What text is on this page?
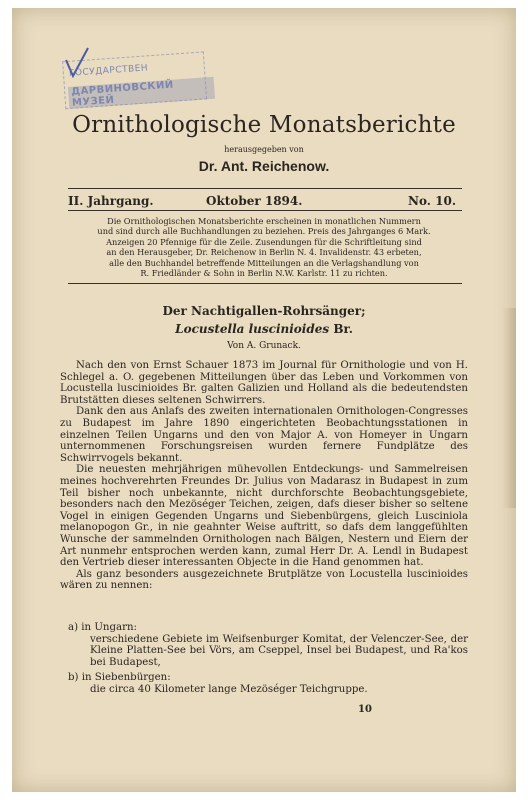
ГОСУДАРСТВЕН
ДАРВИНОВСКИЙ МУЗЕЙ
Ornithologische Monatsberichte
herausgegeben von
Dr. Ant. Reichenow.
II. Jahrgang.	Oktober 1894.	No. 10.
Die Ornithologischen Monatsberichte erscheinen in monatlichen Nummern
und sind durch alle Buchhandlungen zu beziehen. Preis des Jahrganges 6 Mark.
Anzeigen 20 Pfennige für die Zeile. Zusendungen für die Schriftleitung sind
an den Herausgeber, Dr. Reichenow in Berlin N. 4. Invalidenstr. 43 erbeten,
alle den Buchhandel betreffende Mitteilungen an die Verlagshandlung von
R. Friedländer & Sohn in Berlin N.W. Karlstr. 11 zu richten.
Der Nachtigallen-Rohrsänger;
Locustella luscinioides Br.
Von A. Grunack.

Nach den von Ernst Schauer 1873 im Journal für Ornithologie und von H. Schlegel a. O. gegebenen Mitteilungen über das Leben und Vorkommen von Locustella luscinioides Br. galten Galizien und Holland als die bedeutendsten Brutstätten dieses seltenen Schwirrers.

Dank den aus Anlafs des zweiten internationalen Ornithologen-Congresses zu Budapest im Jahre 1890 eingerichteten Beobachtungsstationen in einzelnen Teilen Ungarns und den von Major A. von Homeyer in Ungarn unternommenen Forschungsreisen wurden fernere Fundplätze des Schwirrvogels bekannt.

Die neuesten mehrjährigen mühevollen Entdeckungs- und Sammelreisen meines hochverehrten Freundes Dr. Julius von Madarasz in Budapest in zum Teil bisher noch unbekannte, nicht durchforschte Beobachtungsgebiete, besonders nach den Mezöséger Teichen, zeigen, dafs dieser bisher so seltene Vogel in einigen Gegenden Ungarns und Siebenbürgens, gleich Lusciniola melanopogon Gr., in nie geahnter Weise auftritt, so dafs dem langgefühlten Wunsche der sammelnden Ornithologen nach Bälgen, Nestern und Eiern der Art nunmehr entsprochen werden kann, zumal Herr Dr. A. Lendl in Budapest den Vertrieb dieser interessanten Objecte in die Hand genommen hat.

Als ganz besonders ausgezeichnete Brutplätze von Locustella luscinioides wären zu nennen:

a) in Ungarn:
verschiedene Gebiete im Weifsenburger Komitat, der Velenczer-See, der Kleine Platten-See bei Vörs, am Cseppel, Insel bei Budapest, und Ra'kos bei Budapest,
b) in Siebenbürgen:
die circa 40 Kilometer lange Mezöséger Teichgruppe.
10
